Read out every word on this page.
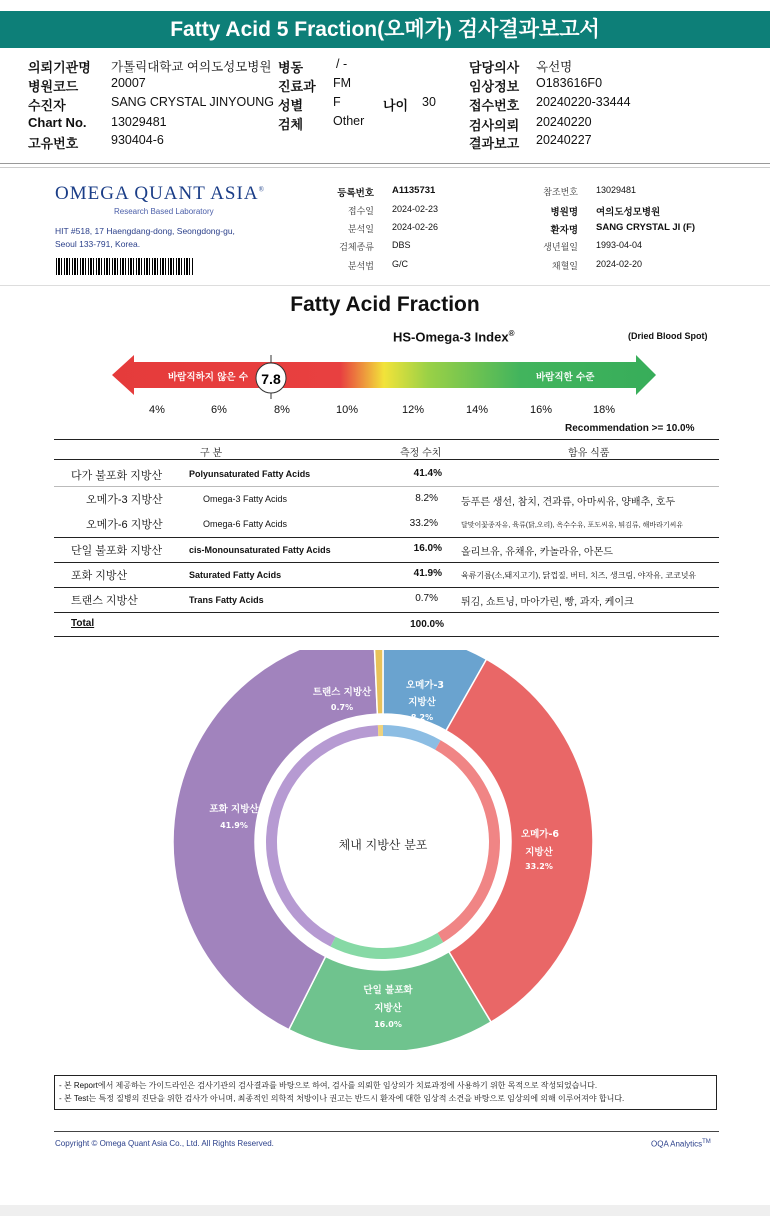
Fatty Acid 5 Fraction(오메가) 검사결과보고서
의뢰기관명 가톨릭대학교 여의도성모병원 병동	/ -	담당의사 옥선명
병원코드	20007	진료과 FM	임상정보 O183616F0
수진자	SANG CRYSTAL JINYOUNG 성별 F	나이 30	접수번호 20240220-33444
Chart No. 13029481	검체 Other	검사의뢰 20240220
고유번호	930404-6	결과보고 20240227
OMEGA QUANT ASIA®
Research Based Laboratory
HIT #518, 17 Haengdang-dong, Seongdong-gu,
Seoul 133-791, Korea.
등록번호 A1135731
접수일 2024-02-23
분석일 2024-02-26
검체종류 DBS
분석법 G/C
참조번호 13029481
병원명 여의도성모병원
환자명 SANG CRYSTAL JI (F)
생년월일 1993-04-04
채혈일 2024-02-20
Fatty Acid Fraction
HS-Omega-3 Index®	(Dried Blood Spot)
바람직하지 않은 수	바람직한 수준
7.8
4%	6%	8%	10%	12%	14%	16%	18%
Recommendation >= 10.0%
구 분	측정 수치	함유 식품
다가 불포화 지방산	Polyunsaturated Fatty Acids	41.4%
오메가-3 지방산	Omega-3 Fatty Acids	8.2% 등푸른 생선, 참치, 견과류, 아마씨유, 양배추, 호두
오메가-6 지방산	Omega-6 Fatty Acids	33.2%	달맞이꽃종자유, 육류(닭,오리), 옥수수유, 포도씨유, 튀김류, 해바라기씨유
단일 불포화 지방산	cis-Monounsaturated Fatty Acids	16.0% 올리브유, 유채유, 카놀라유, 아몬드
포화 지방산	Saturated Fatty Acids	41.9% 육류기름(소,돼지고기), 닭껍질, 버터, 치즈, 생크림, 야자유, 코코넛유
트랜스 지방산	Trans Fatty Acids	0.7% 튀김, 쇼트닝, 마아가린, 빵, 과자, 케이크
Total	100.0%
체내 지방산 분포
오메가-3
지방산
8.2%
오메가-6
지방산
33.2%
단일 불포화
지방산
16.0%
포화 지방산
41.9%
트랜스 지방산
0.7%
- 본 Report에서 제공하는 가이드라인은 검사기관의 검사결과를 바탕으로 하여, 검사를 의뢰한 임상의가 치료과정에 사용하기 위한 목적으로 작성되었습니다.
- 본 Test는 특정 질병의 진단을 위한 검사가 아니며, 최종적인 의학적 처방이나 권고는 반드시 환자에 대한 임상적 소견을 바탕으로 임상의에 의해 이루어져야 합니다.
Copyright © Omega Quant Asia Co., Ltd. All Rights Reserved.	OQA Analytics™
